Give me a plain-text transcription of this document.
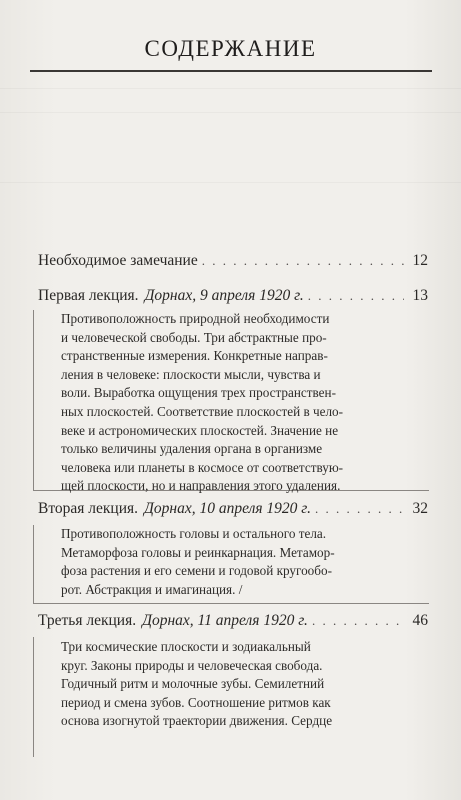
СОДЕРЖАНИЕ
Необходимое замечание . . .	12
Первая лекция. Дорнах, 9 апреля 1920 г. . . .	13

Противоположность природной необходимости

и человеческой свободы. Три абстрактные про-

странственные измерения. Конкретные направ-

ления в человеке: плоскости мысли, чувства и

воли. Выработка ощущения трех пространствен-

ных плоскостей. Соответствие плоскостей в чело-

веке и астрономических плоскостей. Значение не

только величины удаления органа в организме

человека или планеты в космосе от соответствую-

щей плоскости, но и направления этого удаления.

Вторая лекция. Дорнах, 10 апреля 1920 г. . . .	32

Противоположность головы и остального тела.

Метаморфоза головы и реинкарнация. Метамор-

фоза растения и его семени и годовой кругообо-

рот. Абстракция и имагинация. /

Третья лекция. Дорнах, 11 апреля 1920 г. . . .	46

Три космические плоскости и зодиакальный

круг. Законы природы и человеческая свобода.

Годичный ритм и молочные зубы. Семилетний

период и смена зубов. Соотношение ритмов как

основа изогнутой траектории движения. Сердце
